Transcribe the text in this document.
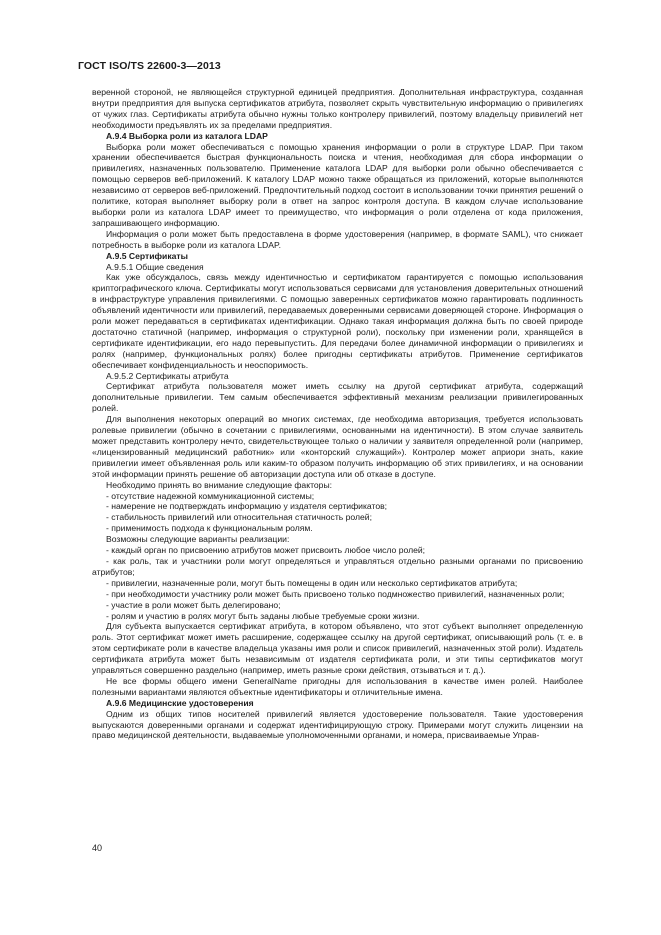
ГОСТ ISO/TS 22600-3—2013

веренной стороной, не являющейся структурной единицей предприятия. Дополнительная инфраструктура, созданная внутри предприятия для выпуска сертификатов атрибута, позволяет скрыть чувствительную информацию о привилегиях от чужих глаз. Сертификаты атрибута обычно нужны только контролеру привилегий, поэтому владельцу привилегий нет необходимости предъявлять их за пределами предприятия.

A.9.4 Выборка роли из каталога LDAP

Выборка роли может обеспечиваться с помощью хранения информации о роли в структуре LDAP. При таком хранении обеспечивается быстрая функциональность поиска и чтения, необходимая для сбора информации о привилегиях, назначенных пользователю. Применение каталога LDAP для выборки роли обычно обеспечивается с помощью серверов веб-приложений. К каталогу LDAP можно также обращаться из приложений, которые выполняются независимо от серверов веб-приложений. Предпочтительный подход состоит в использовании точки принятия решений о политике, которая выполняет выборку роли в ответ на запрос контроля доступа. В каждом случае использование выборки роли из каталога LDAP имеет то преимущество, что информация о роли отделена от кода приложения, запрашивающего информацию.

Информация о роли может быть предоставлена в форме удостоверения (например, в формате SAML), что снижает потребность в выборке роли из каталога LDAP.

A.9.5 Сертификаты
A.9.5.1 Общие сведения

Как уже обсуждалось, связь между идентичностью и сертификатом гарантируется с помощью использования криптографического ключа. Сертификаты могут использоваться сервисами для установления доверительных отношений в инфраструктуре управления привилегиями. С помощью заверенных сертификатов можно гарантировать подлинность объявлений идентичности или привилегий, передаваемых доверенными сервисами доверяющей стороне. Информация о роли может передаваться в сертификатах идентификации. Однако такая информация должна быть по своей природе достаточно статичной (например, информация о структурной роли), поскольку при изменении роли, хранящейся в сертификате идентификации, его надо перевыпустить. Для передачи более динамичной информации о привилегиях и ролях (например, функциональных ролях) более пригодны сертификаты атрибутов. Применение сертификатов обеспечивает конфиденциальность и неоспоримость.

A.9.5.2 Сертификаты атрибута

Сертификат атрибута пользователя может иметь ссылку на другой сертификат атрибута, содержащий дополнительные привилегии. Тем самым обеспечивается эффективный механизм реализации привилегированных ролей.

Для выполнения некоторых операций во многих системах, где необходима авторизация, требуется использовать ролевые привилегии (обычно в сочетании с привилегиями, основанными на идентичности). В этом случае заявитель может представить контролеру нечто, свидетельствующее только о наличии у заявителя определенной роли (например, «лицензированный медицинский работник» или «конторский служащий»). Контролер может априори знать, какие привилегии имеет объявленная роль или каким-то образом получить информацию об этих привилегиях, и на основании этой информации принять решение об авторизации доступа или об отказе в доступе.

Необходимо принять во внимание следующие факторы:

- отсутствие надежной коммуникационной системы;

- намерение не подтверждать информацию у издателя сертификатов;

- стабильность привилегий или относительная статичность ролей;

- применимость подхода к функциональным ролям.

Возможны следующие варианты реализации:

- каждый орган по присвоению атрибутов может присвоить любое число ролей;

- как роль, так и участники роли могут определяться и управляться отдельно разными органами по присвоению атрибутов;

- привилегии, назначенные роли, могут быть помещены в один или несколько сертификатов атрибута;

- при необходимости участнику роли может быть присвоено только подмножество привилегий, назначенных роли;

- участие в роли может быть делегировано;

- ролям и участию в ролях могут быть заданы любые требуемые сроки жизни.

Для субъекта выпускается сертификат атрибута, в котором объявлено, что этот субъект выполняет определенную роль. Этот сертификат может иметь расширение, содержащее ссылку на другой сертификат, описывающий роль (т. е. в этом сертификате роли в качестве владельца указаны имя роли и список привилегий, назначенных этой роли). Издатель сертификата атрибута может быть независимым от издателя сертификата роли, и эти типы сертификатов могут управляться совершенно раздельно (например, иметь разные сроки действия, отзываться и т. д.).

Не все формы общего имени GeneralName пригодны для использования в качестве имен ролей. Наиболее полезными вариантами являются объектные идентификаторы и отличительные имена.

A.9.6 Медицинские удостоверения

Одним из общих типов носителей привилегий является удостоверение пользователя. Такие удостоверения выпускаются доверенными органами и содержат идентифицирующую строку. Примерами могут служить лицензии на право медицинской деятельности, выдаваемые уполномоченными органами, и номера, присваиваемые Управ-

40
